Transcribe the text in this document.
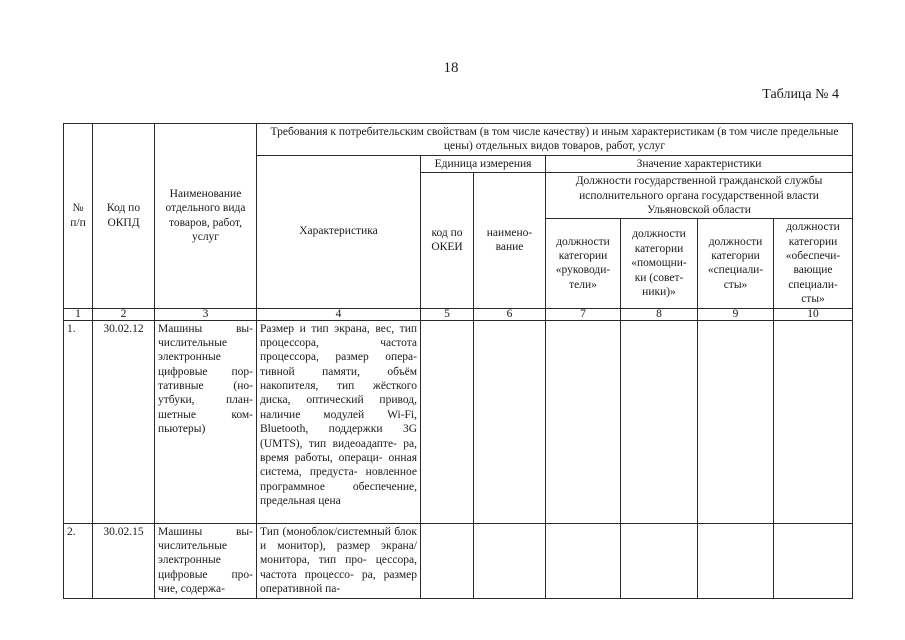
18
Таблица № 4
№ п/п	Код по ОКПД	Наименование отдельного вида товаров, работ, услуг	Требования к потребительским свойствам (в том числе качеству) и иным характеристикам (в том числе предельные цены) отдельных видов товаров, работ, услуг						
			Характеристика	Единица измерения		Значение характеристики			
				код по ОКЕИ	наимено- вание	Должности государственной гражданской службы исполнительного органа государственной власти Ульяновской области			
						должности категории «руководи- тели»	должности категории «помощни- ки (совет- ники)»	должности категории «специали- сты»	должности категории «обеспечи- вающие специали- сты»
1	2	3	4	5	6	7	8	9	10
1.	30.02.12	Машины вы- числительные электронные цифровые пор- тативные (но- утбуки, план- шетные ком- пьютеры)	Размер и тип экрана, вес, тип процессора, частота процессора, размер опера- тивной памяти, объём накопителя, тип жёсткого диска, оптический привод, наличие модулей Wi-Fi, Bluetooth, поддержки 3G (UMTS), тип видеоадапте- ра, время работы, операци- онная система, предуста- новленное программное обеспечение, предельная цена						
2.	30.02.15	Машины вы- числительные электронные цифровые про- чие, содержа-	Тип (моноблок/системный блок и монитор), размер экрана/монитора, тип про- цессора, частота процессо- ра, размер оперативной па-						
